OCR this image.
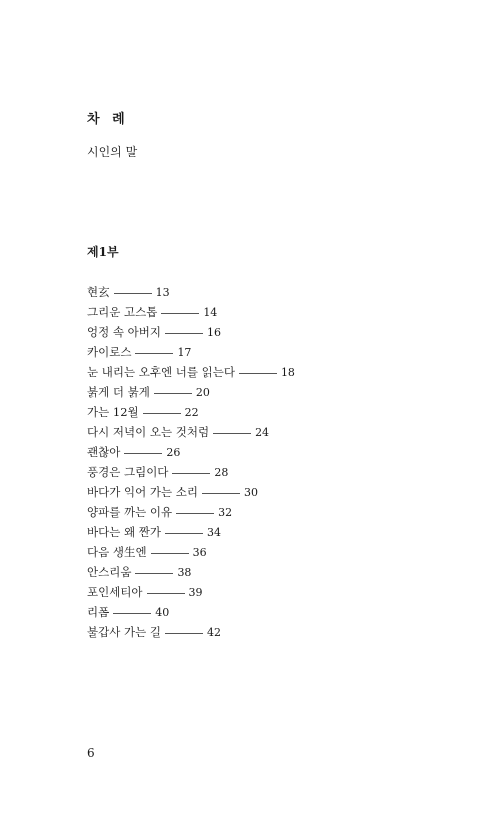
차 례
시인의 말
제1부
현玄	13
그리운 고스톱	14
엉정 속 아버지	16
카이로스	17
눈 내리는 오후엔 너를 읽는다	18
붉게 더 붉게	20
가는 12월	22
다시 저녁이 오는 것처럼	24
괜찮아	26
풍경은 그림이다	28
바다가 익어 가는 소리	30
양파를 까는 이유	32
바다는 왜 짠가	34
다음 생生엔	36
안스리움	38
포인세티아	39
리폼	40
불갑사 가는 길	42
6
